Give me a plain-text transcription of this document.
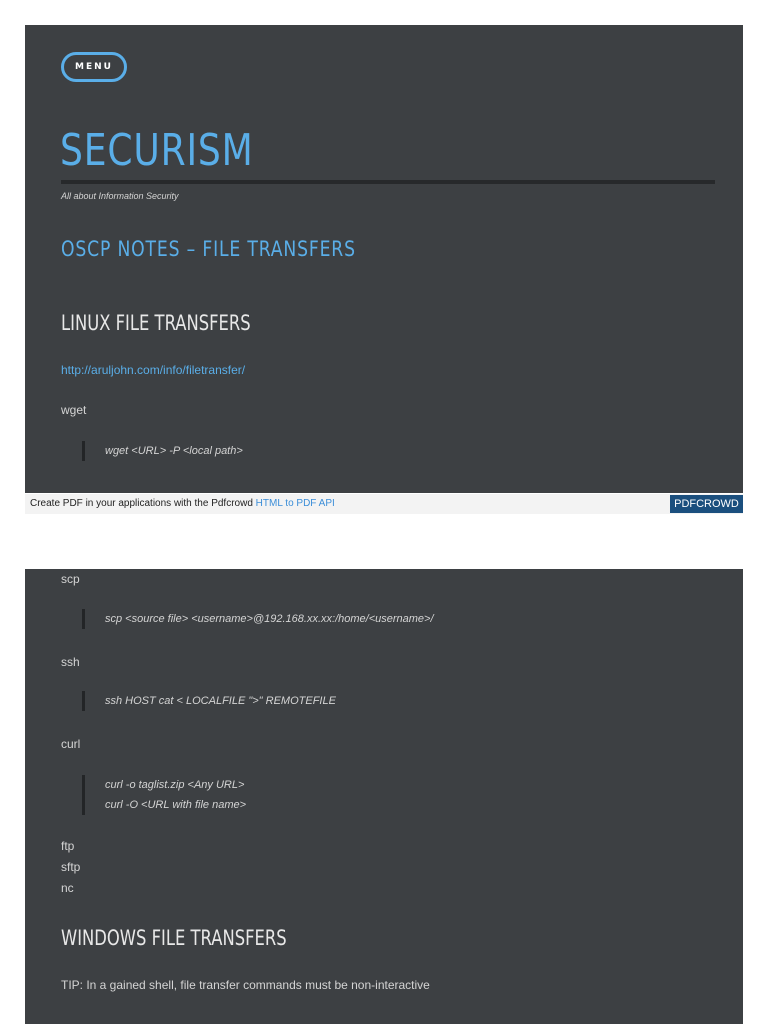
MENU
SECURISM
All about Information Security
OSCP NOTES – FILE TRANSFERS
LINUX FILE TRANSFERS
http://aruljohn.com/info/filetransfer/

wget

wget <URL> -P <local path>
Create PDF in your applications with the Pdfcrowd HTML to PDF API	PDFCROWD

scp

scp <source file> <username>@192.168.xx.xx:/home/<username>/

ssh

ssh HOST cat < LOCALFILE ">" REMOTEFILE

curl

curl -o taglist.zip <Any URL>
curl -O <URL with file name>

ftp

sftp

nc

WINDOWS FILE TRANSFERS

TIP: In a gained shell, file transfer commands must be non-interactive
